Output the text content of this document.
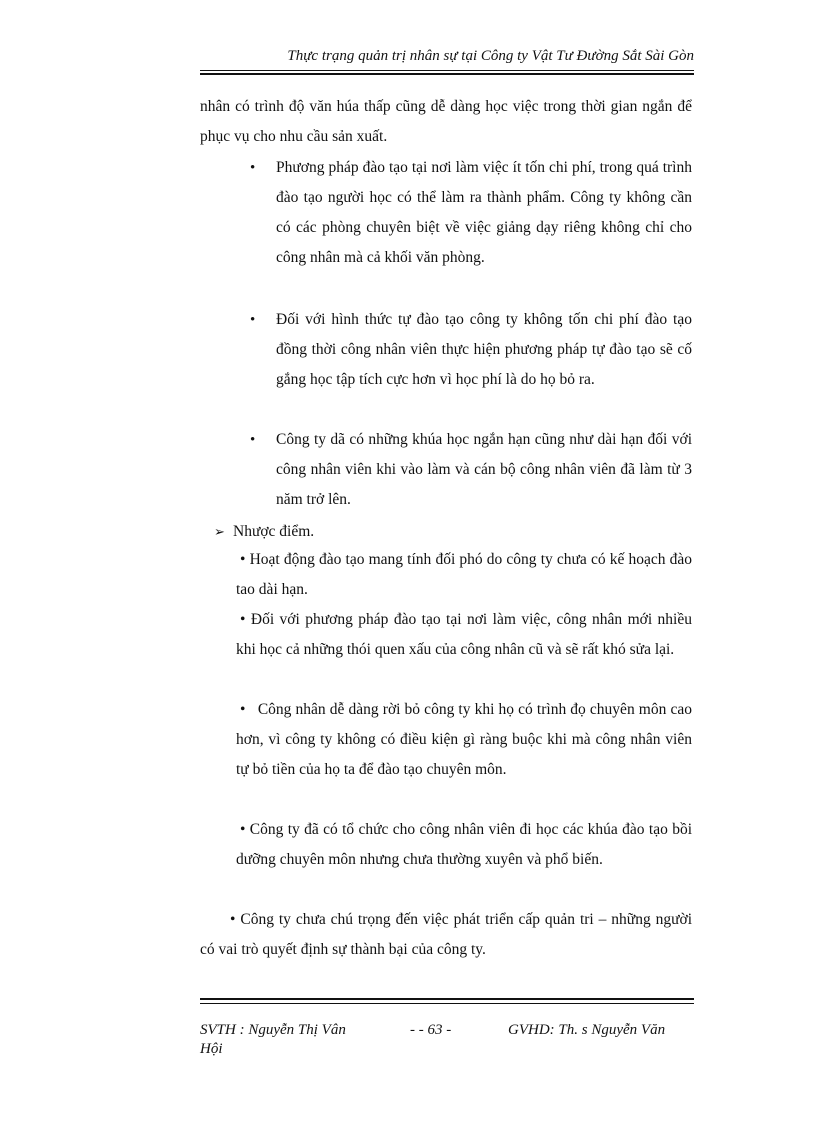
Thực trạng quản trị nhân sự tại Công ty Vật Tư Đường Sắt Sài Gòn

nhân có trình độ văn húa thấp cũng dễ dàng học việc trong thời gian ngắn để phục vụ cho nhu cầu sản xuất.

• Phương pháp đào tạo tại nơi làm việc ít tốn chi phí, trong quá trình đào tạo người học có thể làm ra thành phẩm. Công ty không cần có các phòng chuyên biệt về việc giảng dạy riêng không chỉ cho công nhân mà cả khối văn phòng.

• Đối với hình thức tự đào tạo công ty không tốn chi phí đào tạo đồng thời công nhân viên thực hiện phương pháp tự đào tạo sẽ cố gắng học tập tích cực hơn vì học phí là do họ bỏ ra.

• Công ty dã có những khúa học ngắn hạn cũng như dài hạn đối với công nhân viên khi vào làm và cán bộ công nhân viên đã làm từ 3 năm trở lên.

➢ Nhược điểm.

• Hoạt động đào tạo mang tính đối phó do công ty chưa có kế hoạch đào tao dài hạn.

• Đối với phương pháp đào tạo tại nơi làm việc, công nhân mới nhiều khi học cả những thói quen xấu của công nhân cũ và sẽ rất khó sửa lại.

• Công nhân dễ dàng rời bỏ công ty khi họ có trình đọ chuyên môn cao hơn, vì công ty không có điều kiện gì ràng buộc khi mà công nhân viên tự bỏ tiền của họ ta để đào tạo chuyên môn.

• Công ty đã có tổ chức cho công nhân viên đi học các khúa đào tạo bồi dưỡng chuyên môn nhưng chưa thường xuyên và phổ biến.

• Công ty chưa chú trọng đến việc phát triển cấp quản tri – những người có vai trò quyết định sự thành bại của công ty.

SVTH : Nguyễn Thị Vân
Hội
- - 63 -	GVHD: Th. s Nguyễn Văn
